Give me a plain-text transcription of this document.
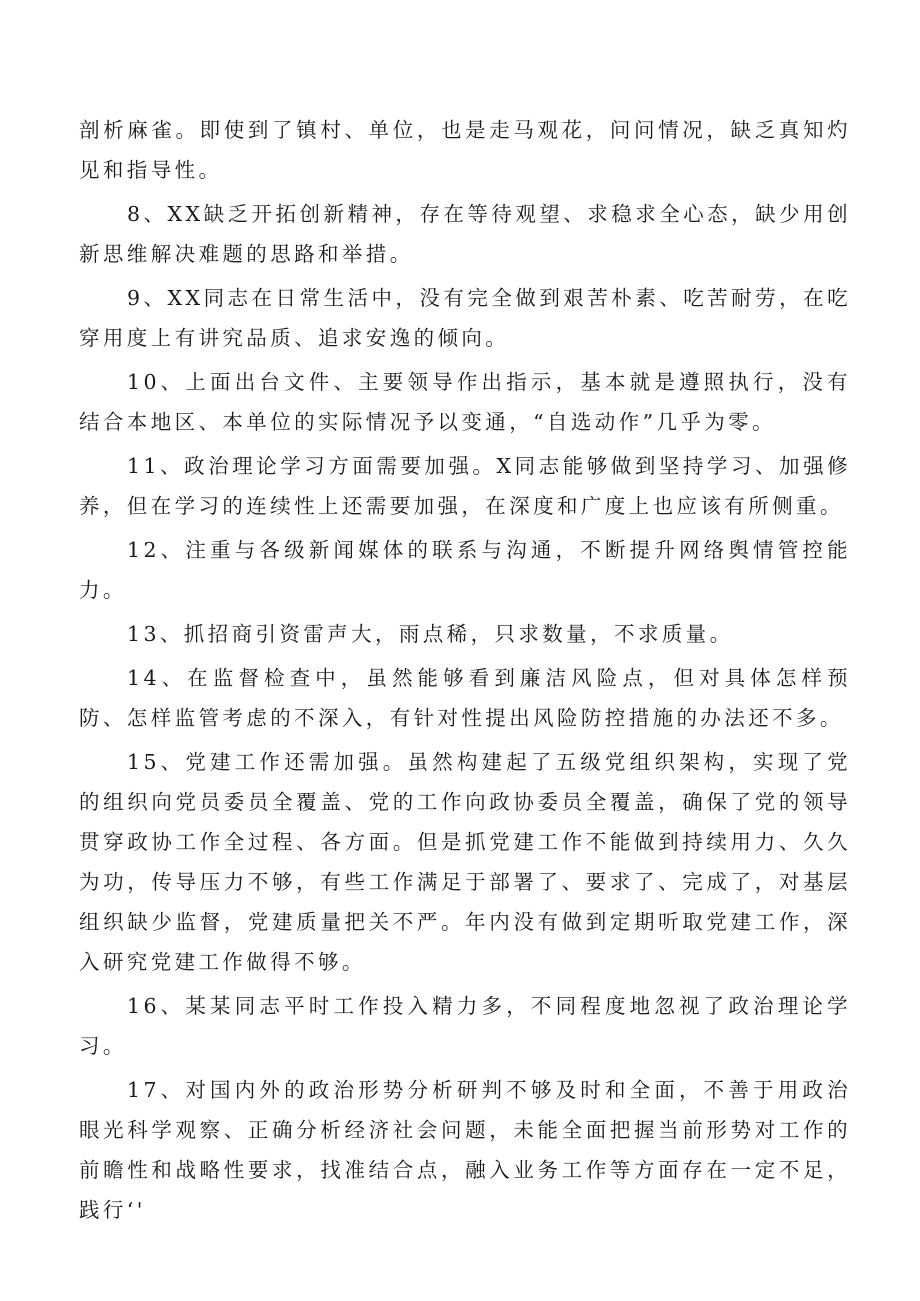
剖析麻雀。即使到了镇村、单位，也是走马观花，问问情况，缺乏真知灼见和指导性。

8、XX缺乏开拓创新精神，存在等待观望、求稳求全心态，缺少用创新思维解决难题的思路和举措。

9、XX同志在日常生活中，没有完全做到艰苦朴素、吃苦耐劳，在吃穿用度上有讲究品质、追求安逸的倾向。

10、上面出台文件、主要领导作出指示，基本就是遵照执行，没有结合本地区、本单位的实际情况予以变通，“自选动作”几乎为零。

11、政治理论学习方面需要加强。X同志能够做到坚持学习、加强修养，但在学习的连续性上还需要加强，在深度和广度上也应该有所侧重。

12、注重与各级新闻媒体的联系与沟通，不断提升网络舆情管控能力。

13、抓招商引资雷声大，雨点稀，只求数量，不求质量。

14、在监督检查中，虽然能够看到廉洁风险点，但对具体怎样预防、怎样监管考虑的不深入，有针对性提出风险防控措施的办法还不多。

15、党建工作还需加强。虽然构建起了五级党组织架构，实现了党的组织向党员委员全覆盖、党的工作向政协委员全覆盖，确保了党的领导贯穿政协工作全过程、各方面。但是抓党建工作不能做到持续用力、久久为功，传导压力不够，有些工作满足于部署了、要求了、完成了，对基层组织缺少监督，党建质量把关不严。年内没有做到定期听取党建工作，深入研究党建工作做得不够。

16、某某同志平时工作投入精力多，不同程度地忽视了政治理论学习。

17、对国内外的政治形势分析研判不够及时和全面，不善于用政治眼光科学观察、正确分析经济社会问题，未能全面把握当前形势对工作的前瞻性和战略性要求，找准结合点，融入业务工作等方面存在一定不足，践行‘'
